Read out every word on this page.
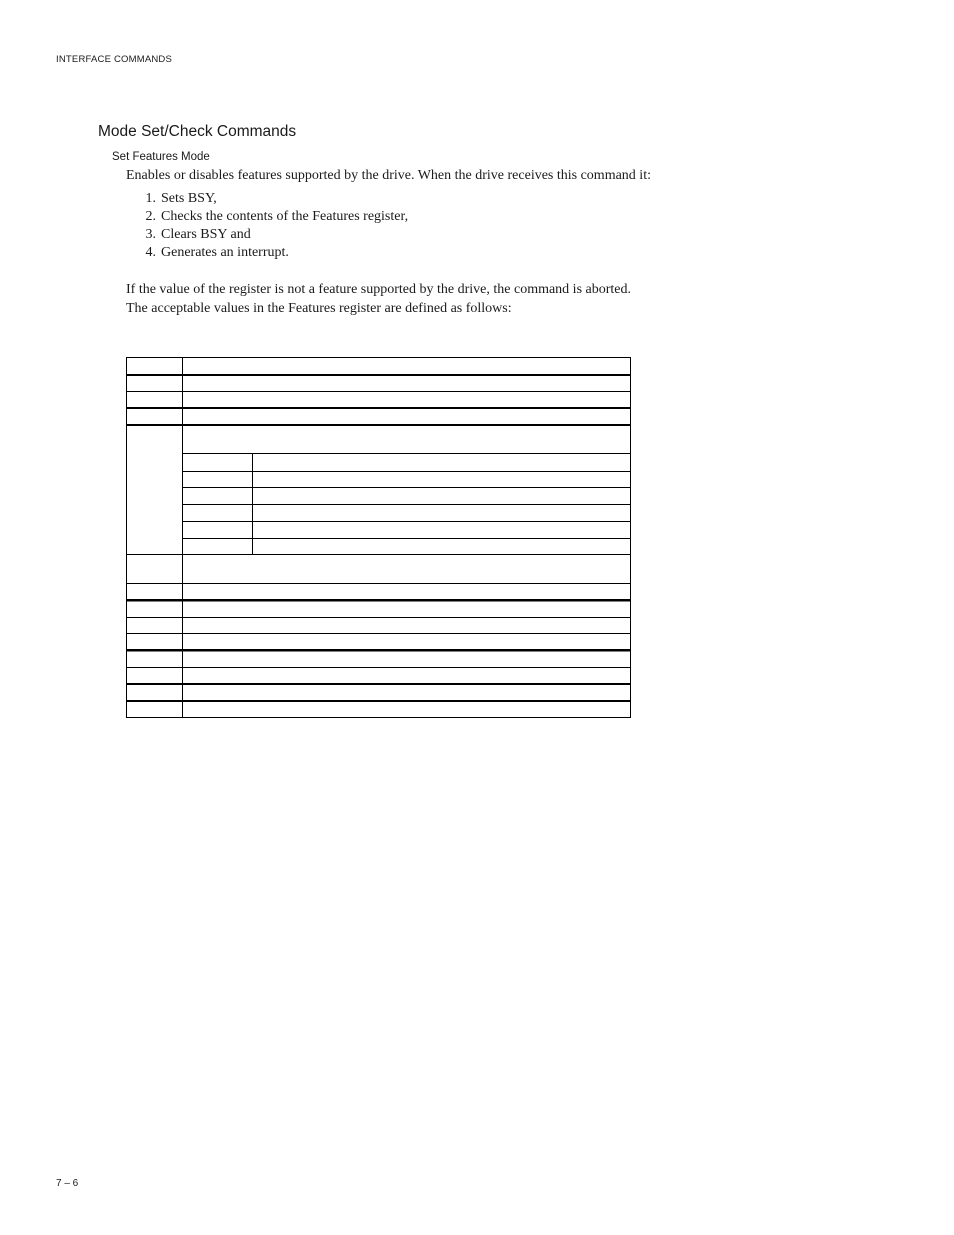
INTERFACE COMMANDS
Mode Set/Check Commands
Set Features Mode

Enables or disables features supported by the drive. When the drive receives this command it:

1. Sets BSY,
2. Checks the contents of the Features register,
3. Clears BSY and
4. Generates an interrupt.

If the value of the register is not a feature supported by the drive, the command is aborted.

The acceptable values in the Features register are defined as follows:

7 – 6
